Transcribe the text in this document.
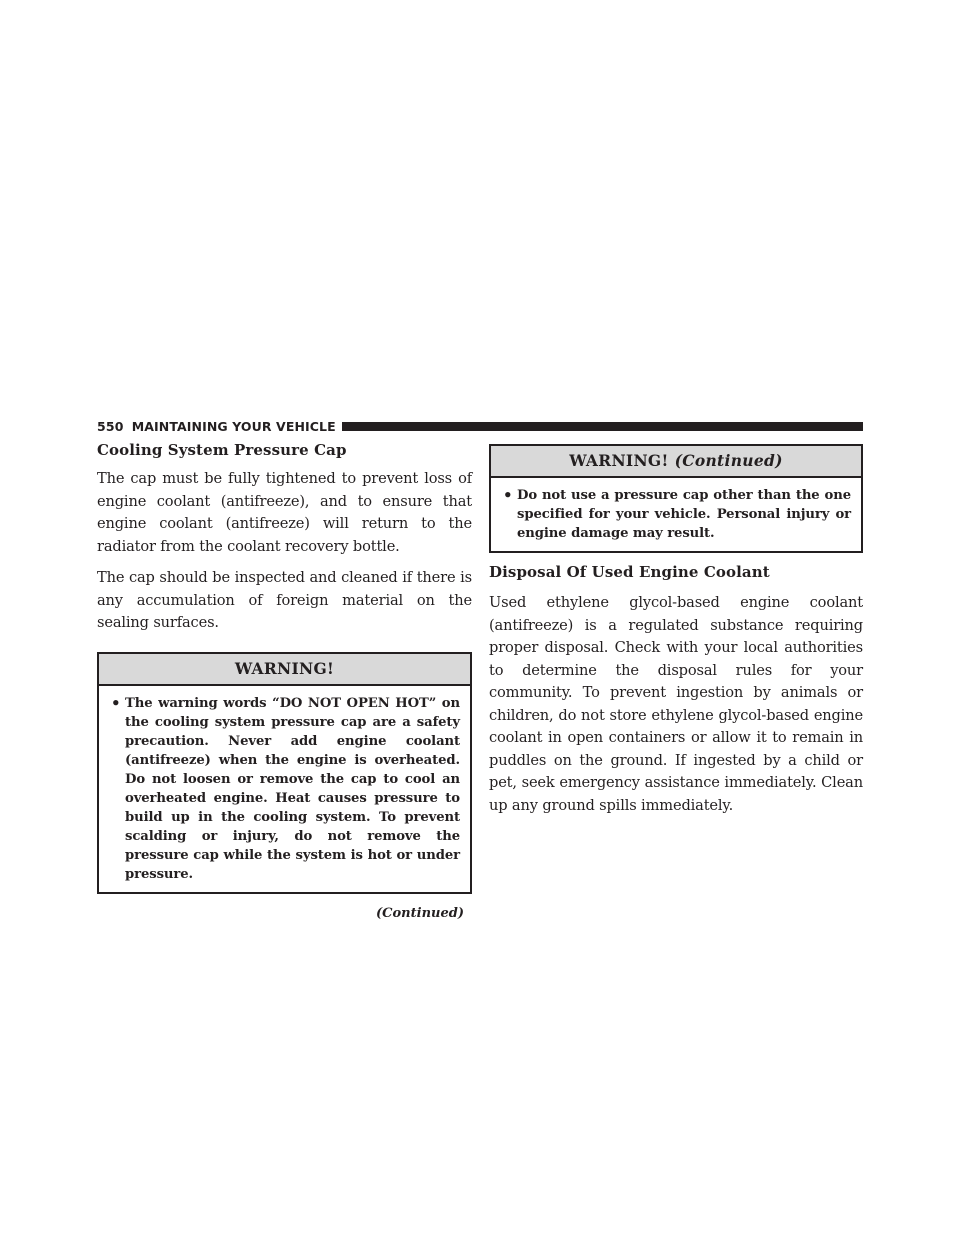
550 MAINTAINING YOUR VEHICLE
Cooling System Pressure Cap

The cap must be fully tightened to prevent loss of engine coolant (antifreeze), and to ensure that engine coolant (antifreeze) will return to the radiator from the coolant recovery bottle.

The cap should be inspected and cleaned if there is any accumulation of foreign material on the sealing surfaces.

WARNING!
• The warning words “DO NOT OPEN HOT” on the cooling system pressure cap are a safety precaution. Never add engine coolant (antifreeze) when the engine is overheated. Do not loosen or remove the cap to cool an overheated engine. Heat causes pressure to build up in the cooling system. To prevent scalding or injury, do not remove the pressure cap while the system is hot or under pressure.
(Continued)
WARNING! (Continued)
• Do not use a pressure cap other than the one specified for your vehicle. Personal injury or engine damage may result.
Disposal Of Used Engine Coolant

Used ethylene glycol-based engine coolant (antifreeze) is a regulated substance requiring proper disposal. Check with your local authorities to determine the disposal rules for your community. To prevent ingestion by animals or children, do not store ethylene glycol-based engine coolant in open containers or allow it to remain in puddles on the ground. If ingested by a child or pet, seek emergency assistance immediately. Clean up any ground spills immediately.
